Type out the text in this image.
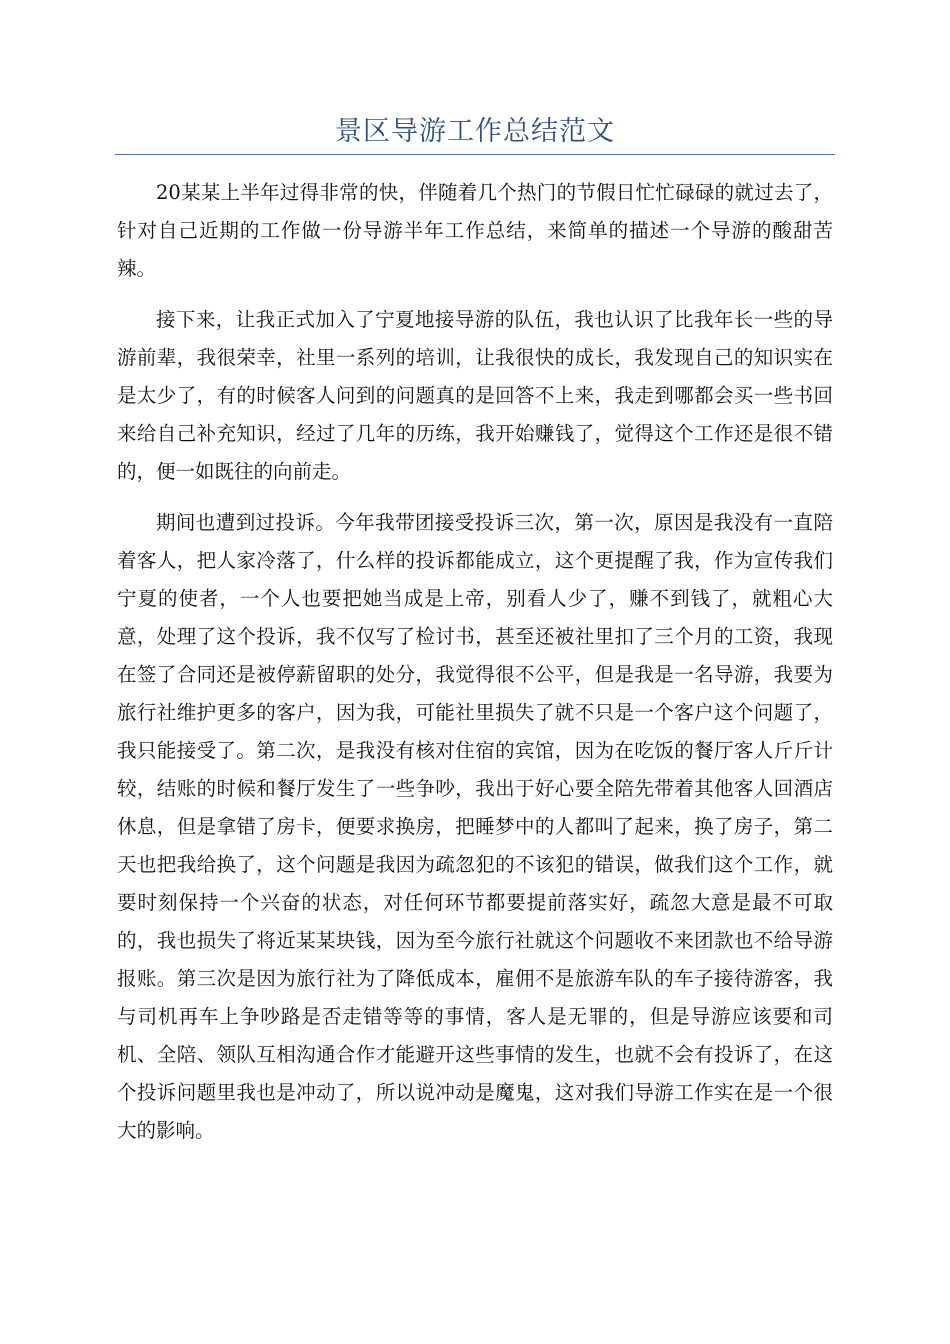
景区导游工作总结范文

20某某上半年过得非常的快，伴随着几个热门的节假日忙忙碌碌的就过去了，针对自己近期的工作做一份导游半年工作总结，来简单的描述一个导游的酸甜苦辣。

接下来，让我正式加入了宁夏地接导游的队伍，我也认识了比我年长一些的导游前辈，我很荣幸，社里一系列的培训，让我很快的成长，我发现自己的知识实在是太少了，有的时候客人问到的问题真的是回答不上来，我走到哪都会买一些书回来给自己补充知识，经过了几年的历练，我开始赚钱了，觉得这个工作还是很不错的，便一如既往的向前走。

期间也遭到过投诉。今年我带团接受投诉三次，第一次，原因是我没有一直陪着客人，把人家冷落了，什么样的投诉都能成立，这个更提醒了我，作为宣传我们宁夏的使者，一个人也要把她当成是上帝，别看人少了，赚不到钱了，就粗心大意，处理了这个投诉，我不仅写了检讨书，甚至还被社里扣了三个月的工资，我现在签了合同还是被停薪留职的处分，我觉得很不公平，但是我是一名导游，我要为旅行社维护更多的客户，因为我，可能社里损失了就不只是一个客户这个问题了，我只能接受了。第二次，是我没有核对住宿的宾馆，因为在吃饭的餐厅客人斤斤计较，结账的时候和餐厅发生了一些争吵，我出于好心要全陪先带着其他客人回酒店休息，但是拿错了房卡，便要求换房，把睡梦中的人都叫了起来，换了房子，第二天也把我给换了，这个问题是我因为疏忽犯的不该犯的错误，做我们这个工作，就要时刻保持一个兴奋的状态，对任何环节都要提前落实好，疏忽大意是最不可取的，我也损失了将近某某块钱，因为至今旅行社就这个问题收不来团款也不给导游报账。第三次是因为旅行社为了降低成本，雇佣不是旅游车队的车子接待游客，我与司机再车上争吵路是否走错等等的事情，客人是无罪的，但是导游应该要和司机、全陪、领队互相沟通合作才能避开这些事情的发生，也就不会有投诉了，在这个投诉问题里我也是冲动了，所以说冲动是魔鬼，这对我们导游工作实在是一个很大的影响。
